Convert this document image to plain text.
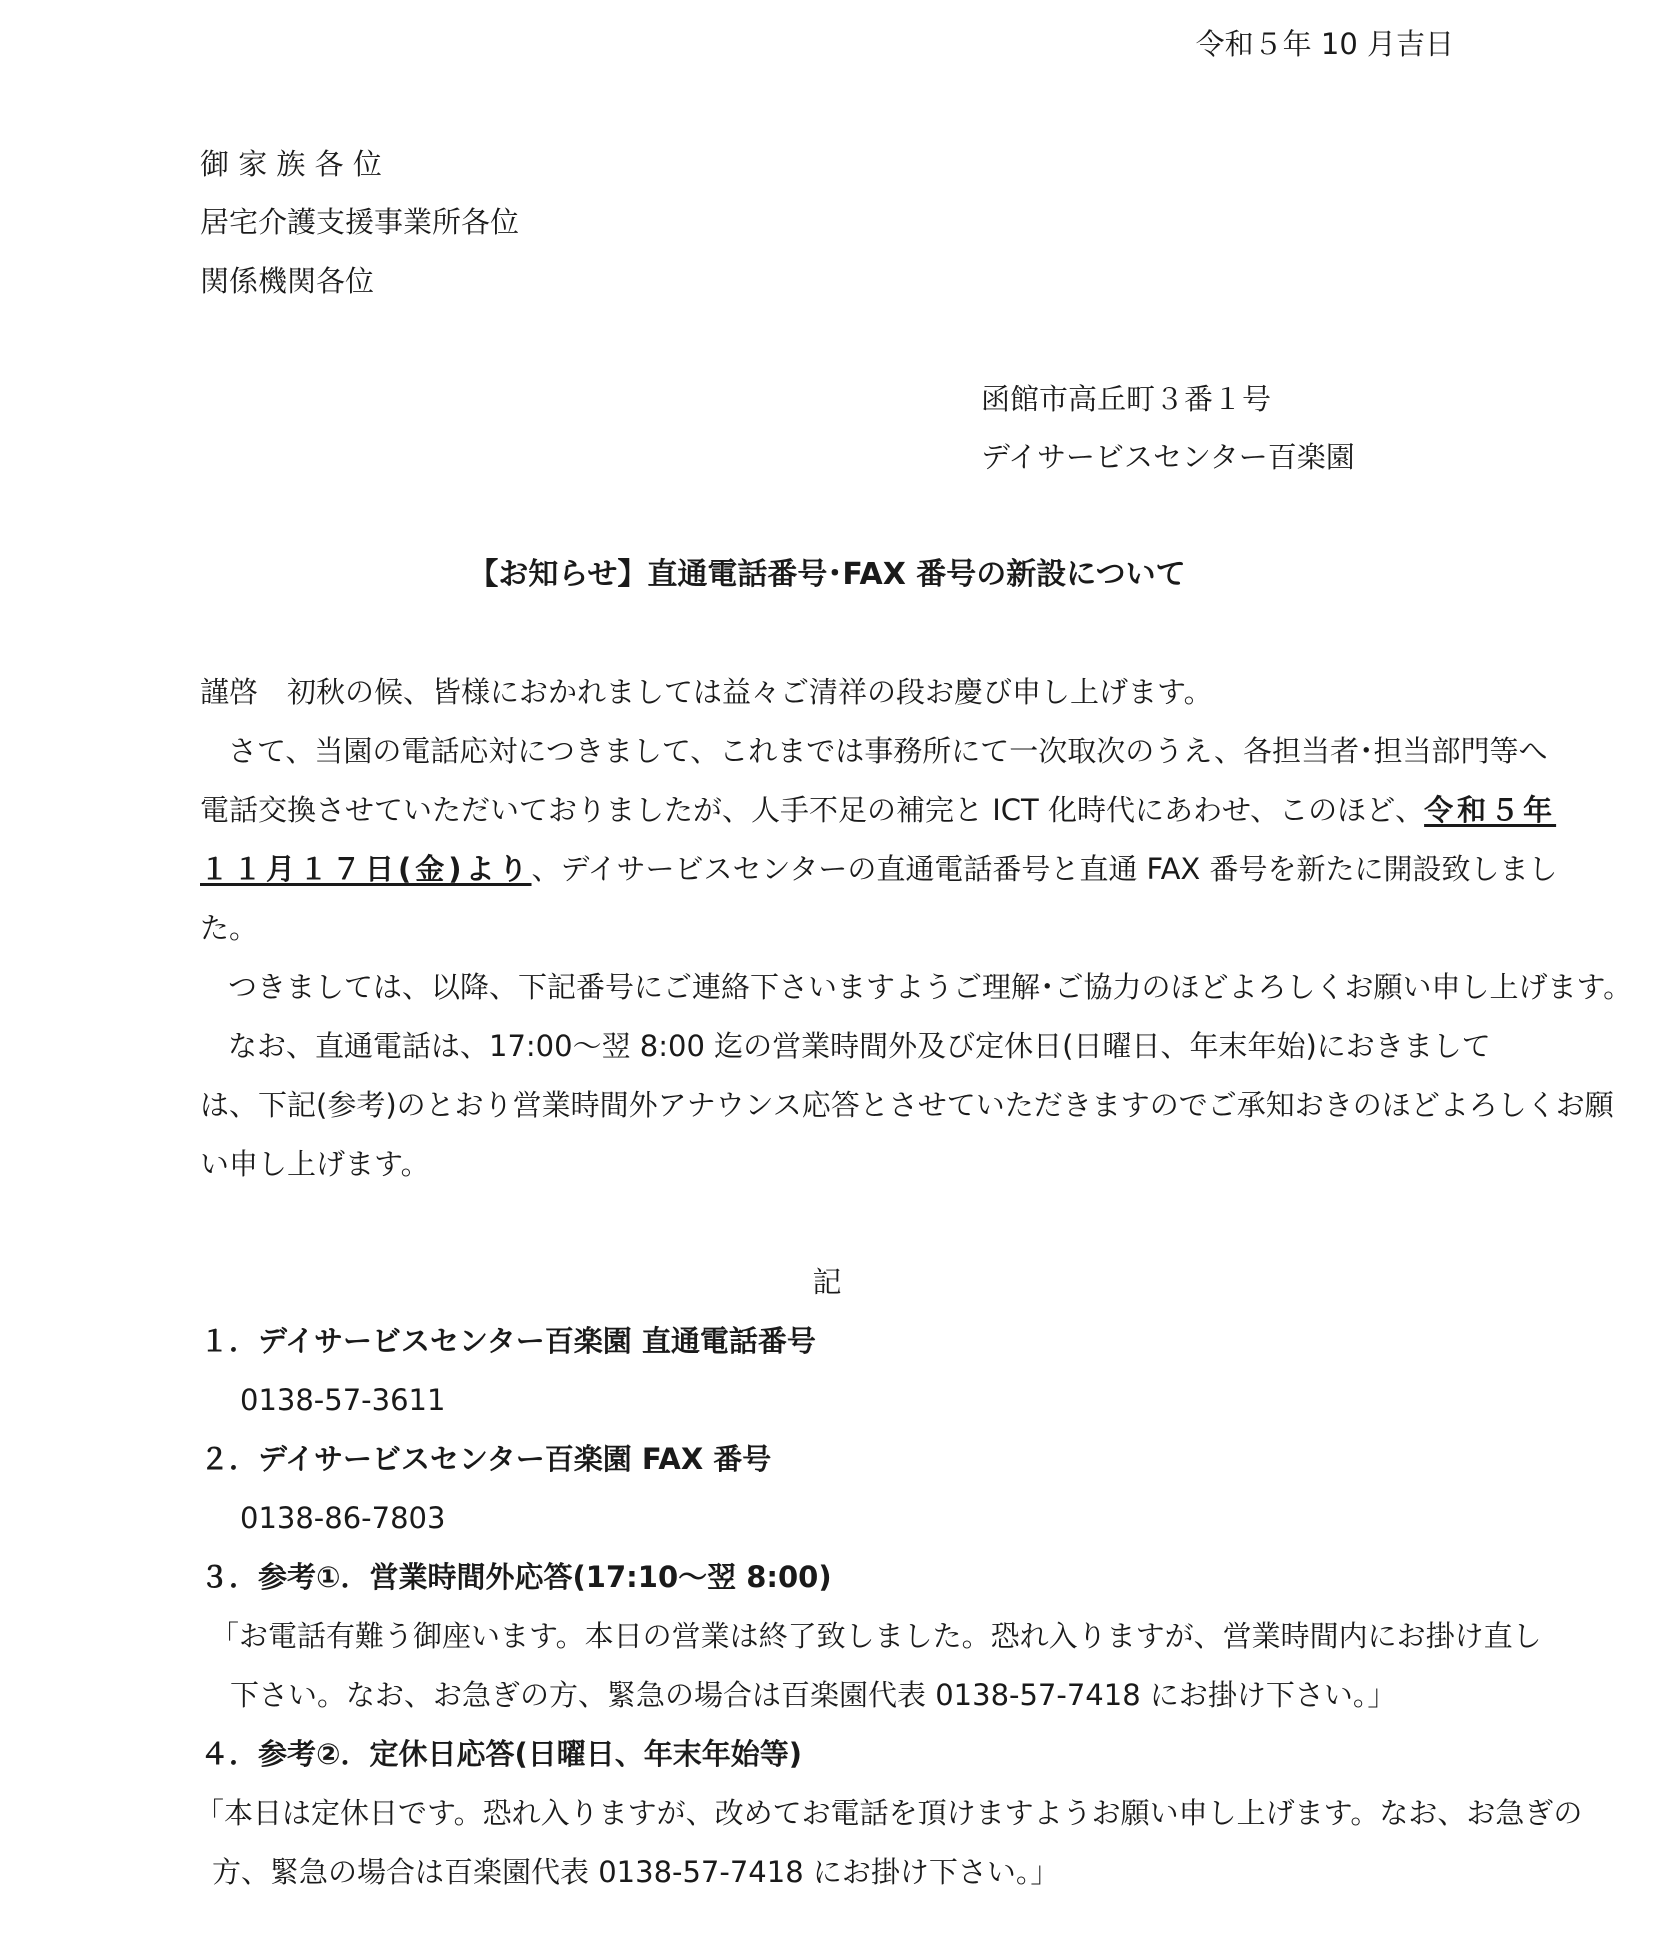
令和５年 10 月吉日
御 家 族 各 位
居宅介護支援事業所各位
関係機関各位
函館市高丘町３番１号
デイサービスセンター百楽園
【お知らせ】直通電話番号･FAX 番号の新設について
謹啓　初秋の候、皆様におかれましては益々ご清祥の段お慶び申し上げます。
さて、当園の電話応対につきまして、これまでは事務所にて一次取次のうえ、各担当者･担当部門等へ
電話交換させていただいておりましたが、人手不足の補完と ICT 化時代にあわせ、このほど、令和５年
１１月１７日(金)より、デイサービスセンターの直通電話番号と直通 FAX 番号を新たに開設致しまし
た。
つきましては、以降、下記番号にご連絡下さいますようご理解･ご協力のほどよろしくお願い申し上げます。
なお、直通電話は、17:00～翌 8:00 迄の営業時間外及び定休日(日曜日、年末年始)におきまして
は、下記(参考)のとおり営業時間外アナウンス応答とさせていただきますのでご承知おきのほどよろしくお願
い申し上げます。
記
１．デイサービスセンター百楽園 直通電話番号
0138-57-3611
２．デイサービスセンター百楽園 FAX 番号
0138-86-7803
３．参考①．営業時間外応答(17:10～翌 8:00)
「お電話有難う御座います。本日の営業は終了致しました。恐れ入りますが、営業時間内にお掛け直し
下さい。なお、お急ぎの方、緊急の場合は百楽園代表 0138-57-7418 にお掛け下さい。」
４．参考②．定休日応答(日曜日、年末年始等)
「本日は定休日です。恐れ入りますが、改めてお電話を頂けますようお願い申し上げます。なお、お急ぎの
方、緊急の場合は百楽園代表 0138-57-7418 にお掛け下さい。」
